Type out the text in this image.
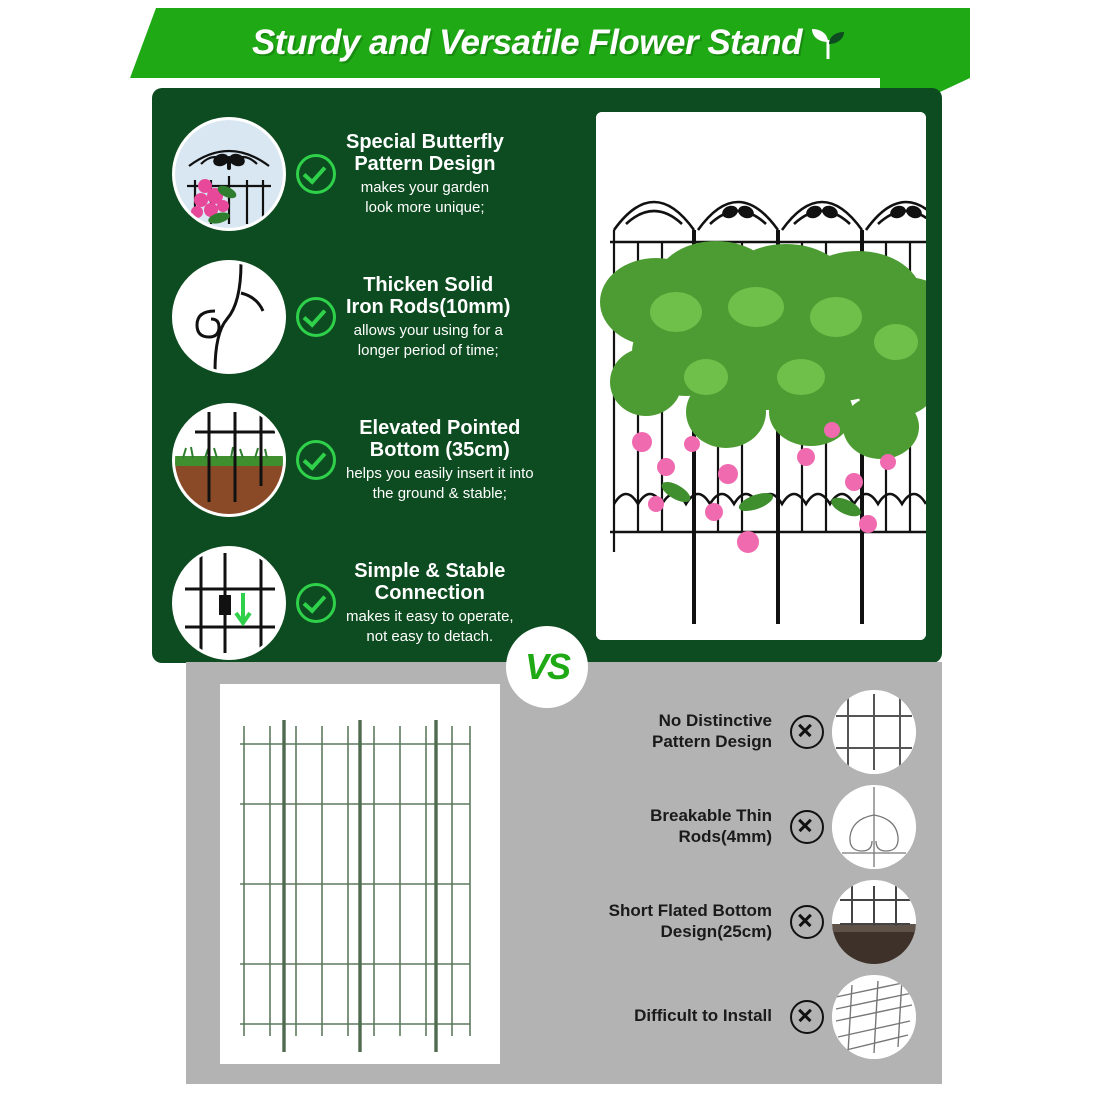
Sturdy and Versatile Flower Stand
Special Butterfly
Pattern Design
makes your garden
look more unique;
Thicken Solid
Iron Rods(10mm)
allows your using for a
longer period of time;
Elevated Pointed
Bottom (35cm)
helps you easily insert it into
the ground & stable;
Simple & Stable
Connection
makes it easy to operate,
not easy to detach.
VS
No Distinctive
Pattern Design
Breakable Thin
Rods(4mm)
Short Flated Bottom
Design(25cm)
Difficult to Install
